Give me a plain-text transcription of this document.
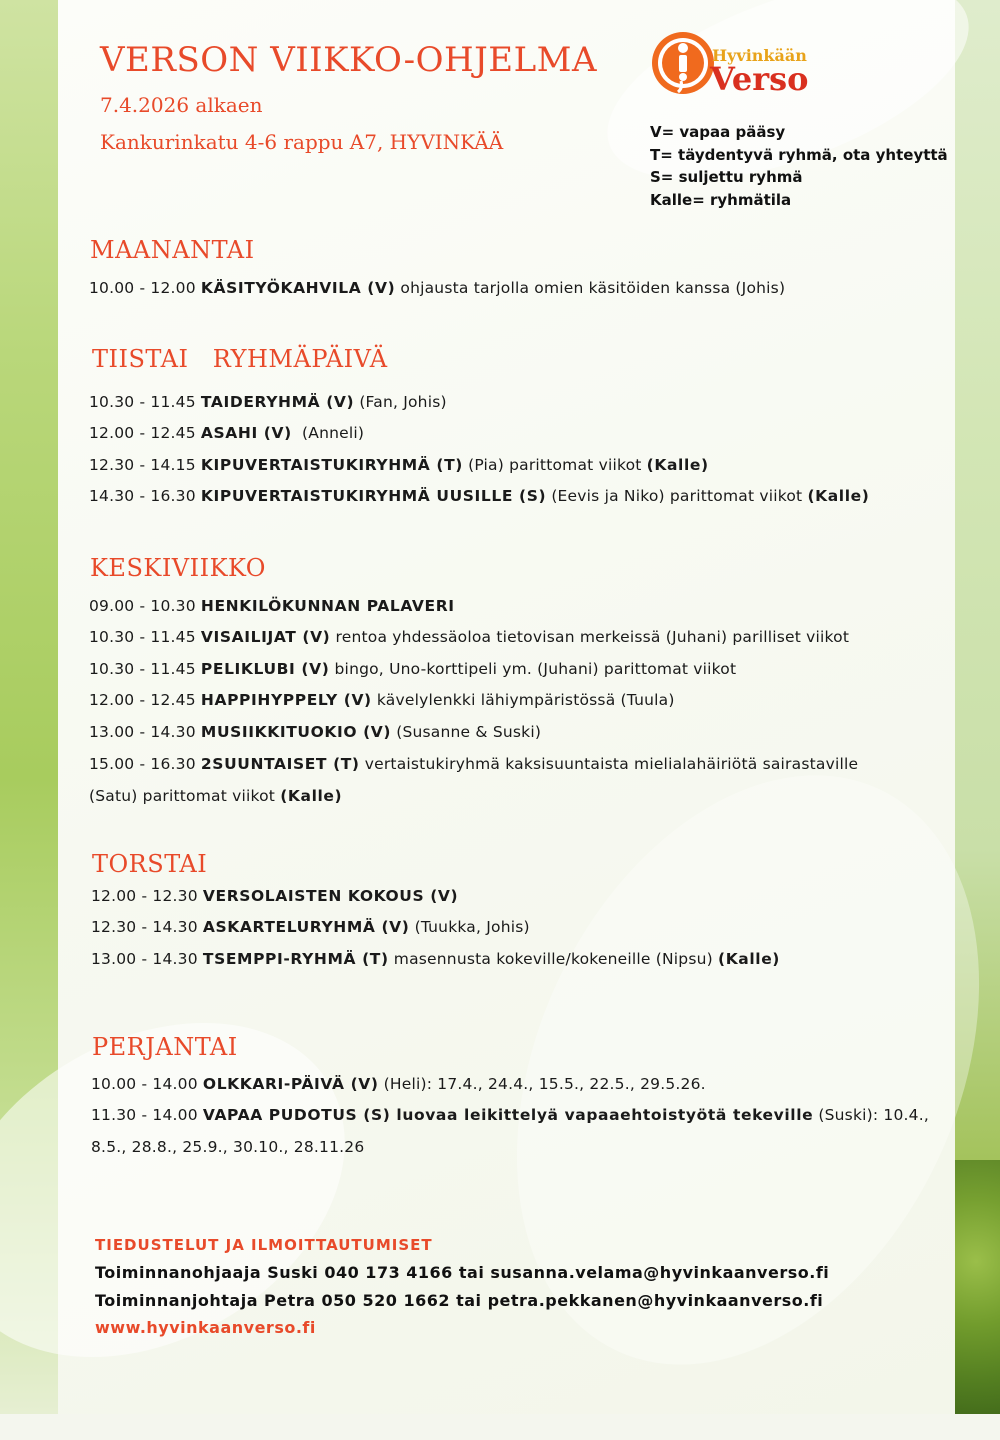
VERSON VIIKKO-OHJELMA
7.4.2026 alkaen
Kankurinkatu 4-6 rappu A7, HYVINKÄÄ
Hyvinkään
Verso
V= vapaa pääsy
T= täydentyvä ryhmä, ota yhteyttä
S= suljettu ryhmä
Kalle= ryhmätila
MAANANTAI
10.00 - 12.00 KÄSITYÖKAHVILA (V) ohjausta tarjolla omien käsitöiden kanssa (Johis)
TIISTAI   RYHMÄPÄIVÄ
10.30 - 11.45 TAIDERYHMÄ (V) (Fan, Johis)
12.00 - 12.45 ASAHI (V)  (Anneli)
12.30 - 14.15 KIPUVERTAISTUKIRYHMÄ (T) (Pia) parittomat viikot (Kalle)
14.30 - 16.30 KIPUVERTAISTUKIRYHMÄ UUSILLE (S) (Eevis ja Niko) parittomat viikot (Kalle)
KESKIVIIKKO
09.00 - 10.30 HENKILÖKUNNAN PALAVERI
10.30 - 11.45 VISAILIJAT (V) rentoa yhdessäoloa tietovisan merkeissä (Juhani) parilliset viikot
10.30 - 11.45 PELIKLUBI (V) bingo, Uno-korttipeli ym. (Juhani) parittomat viikot
12.00 - 12.45 HAPPIHYPPELY (V) kävelylenkki lähiympäristössä (Tuula)
13.00 - 14.30 MUSIIKKITUOKIO (V) (Susanne & Suski)
15.00 - 16.30 2SUUNTAISET (T) vertaistukiryhmä kaksisuuntaista mielialahäiriötä sairastaville
(Satu) parittomat viikot (Kalle)
TORSTAI
12.00 - 12.30 VERSOLAISTEN KOKOUS (V)
12.30 - 14.30 ASKARTELURYHMÄ (V) (Tuukka, Johis)
13.00 - 14.30 TSEMPPI-RYHMÄ (T) masennusta kokeville/kokeneille (Nipsu) (Kalle)
PERJANTAI
10.00 - 14.00 OLKKARI-PÄIVÄ (V) (Heli): 17.4., 24.4., 15.5., 22.5., 29.5.26.
11.30 - 14.00 VAPAA PUDOTUS (S) luovaa leikittelyä vapaaehtoistyötä tekeville (Suski): 10.4.,
8.5., 28.8., 25.9., 30.10., 28.11.26
TIEDUSTELUT JA ILMOITTAUTUMISET
Toiminnanohjaaja Suski 040 173 4166 tai susanna.velama@hyvinkaanverso.fi
Toiminnanjohtaja Petra 050 520 1662 tai petra.pekkanen@hyvinkaanverso.fi
www.hyvinkaanverso.fi
